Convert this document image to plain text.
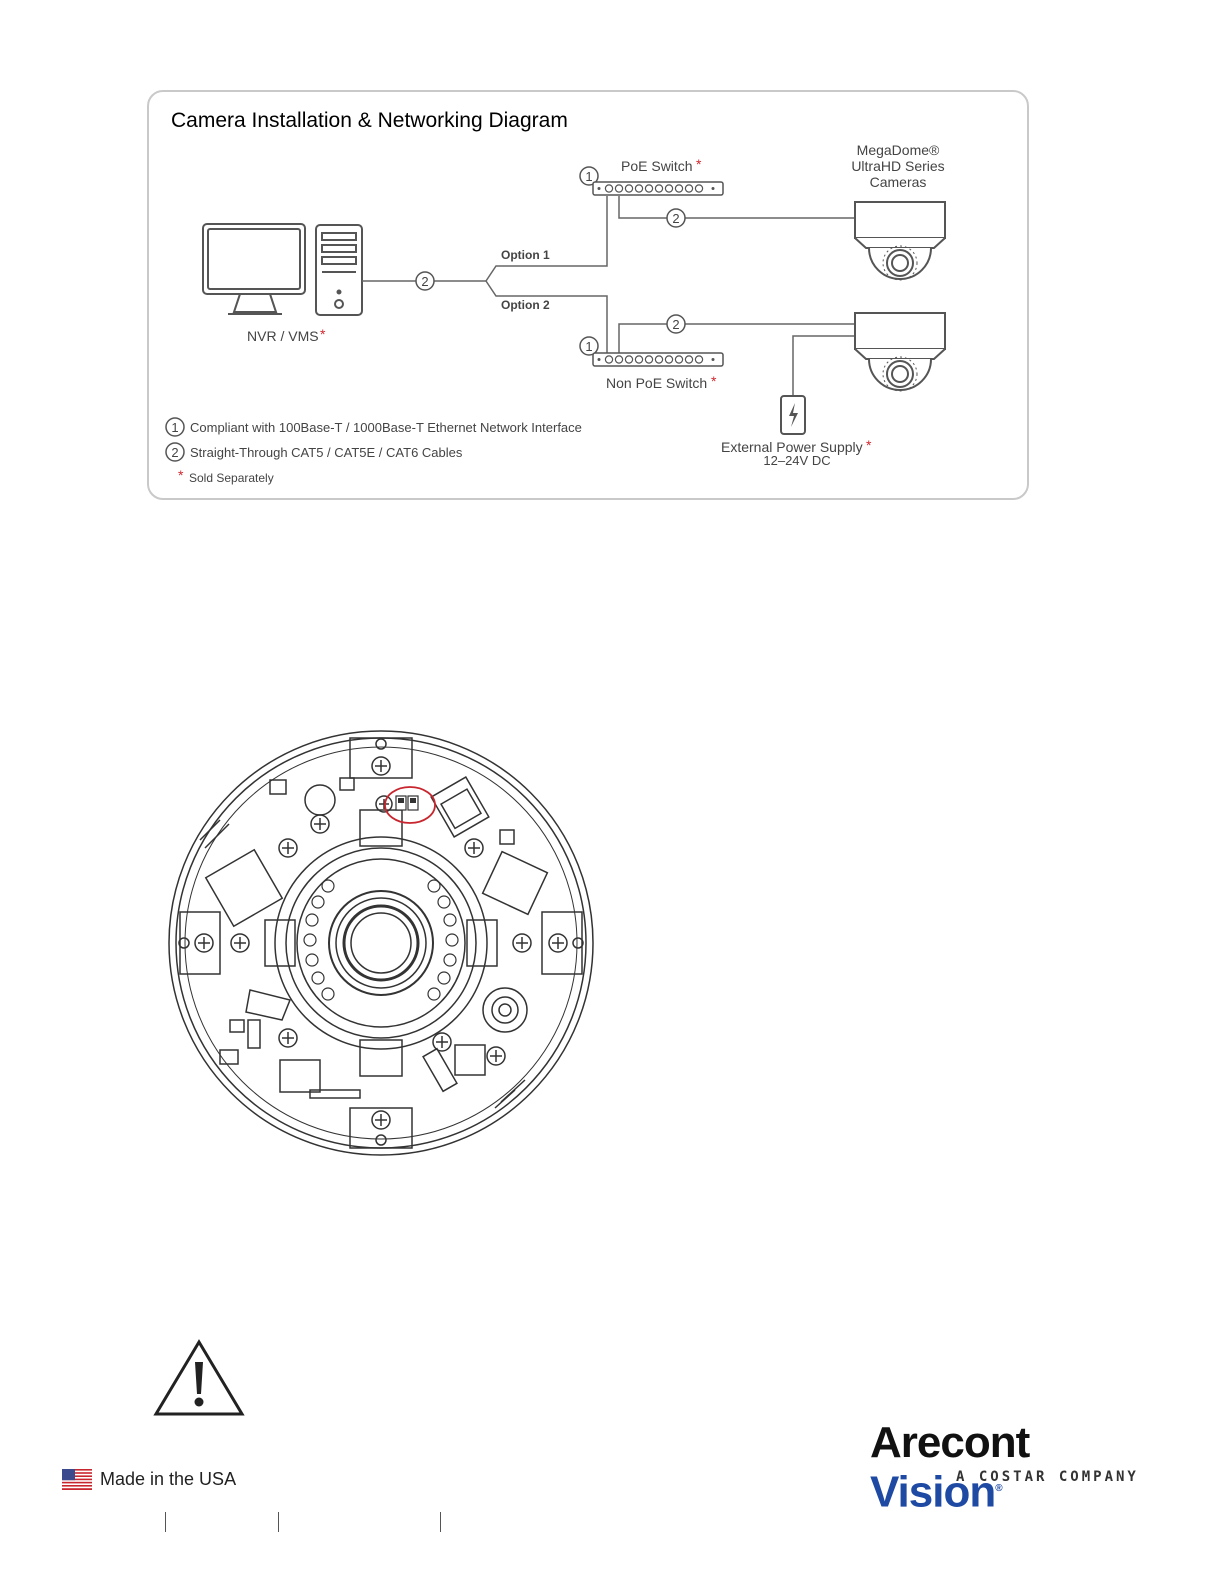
Camera Installation & Networking Diagram
NVR / VMS *
2
2
2
Option 1
Option 2
PoE Switch *
1
1
Non PoE Switch *
MegaDome®
UltraHD Series
Cameras
External Power Supply *
12–24V DC
1 Compliant with 100Base-T / 1000Base-T Ethernet Network Interface
2 Straight-Through CAT5 / CAT5E / CAT6 Cables
* Sold Separately
Made in the USA
Arecont Vision®
A COSTAR COMPANY
